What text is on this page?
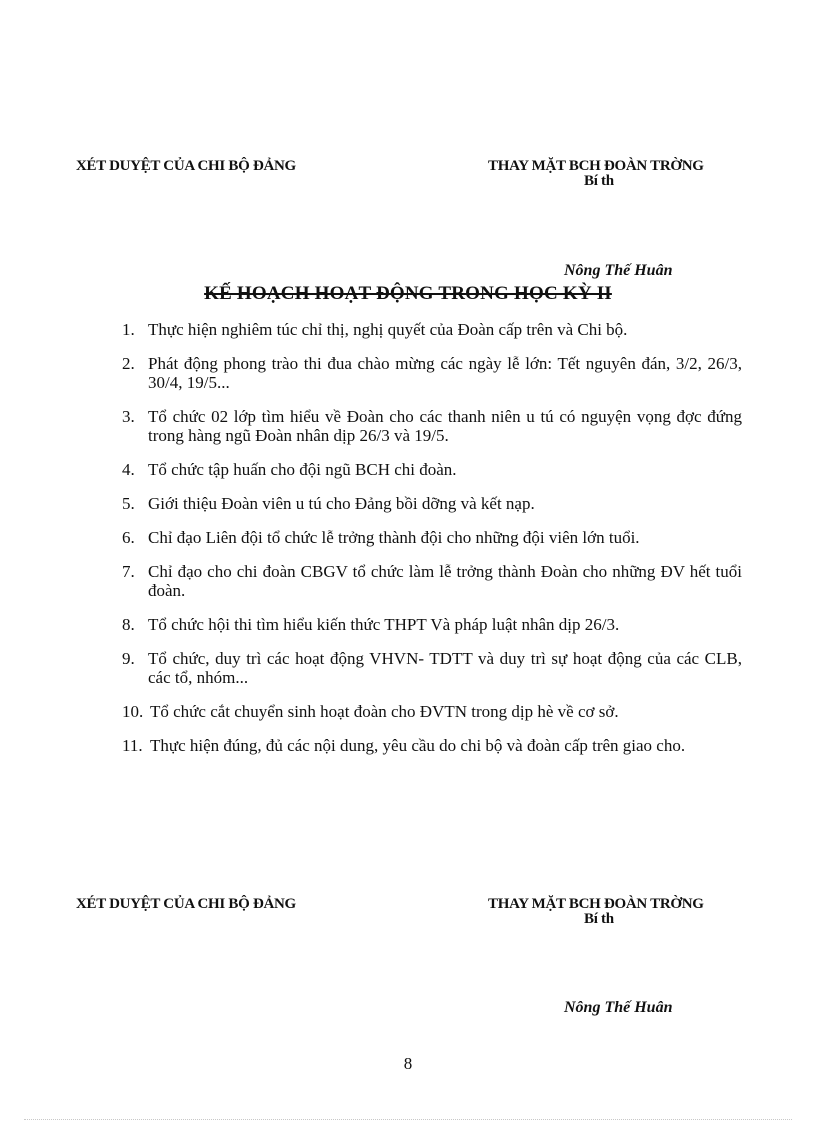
XÉT DUYỆT CỦA CHI BỘ ĐẢNG	THAY MẶT BCH ĐOÀN TRỜNG
Bí th
Nông Thế Huân
KẾ HOẠCH HOẠT ĐỘNG TRONG HỌC KỲ II
1. Thực hiện nghiêm túc chỉ thị, nghị quyết của Đoàn cấp trên và Chi bộ.
2. Phát động phong trào thi đua chào mừng các ngày lễ lớn: Tết nguyên đán, 3/2, 26/3, 30/4, 19/5...
3. Tổ chức 02 lớp tìm hiểu về Đoàn cho các thanh niên u tú có nguyện vọng đợc đứng trong hàng ngũ Đoàn nhân dịp 26/3 và 19/5.
4. Tổ chức tập huấn cho đội ngũ BCH chi đoàn.
5. Giới thiệu Đoàn viên u tú cho Đảng bồi dỡng và kết nạp.
6. Chỉ đạo Liên đội tổ chức lễ trởng thành đội cho những đội viên lớn tuổi.
7. Chỉ đạo cho chi đoàn CBGV tổ chức làm lễ trởng thành Đoàn cho những ĐV hết tuổi đoàn.
8. Tổ chức hội thi tìm hiểu kiến thức THPT Và pháp luật nhân dịp 26/3.
9. Tổ chức, duy trì các hoạt động VHVN- TDTT và duy trì sự hoạt động của các CLB, các tổ, nhóm...
10. Tổ chức cắt chuyển sinh hoạt đoàn cho ĐVTN trong dịp hè về cơ sở.
11. Thực hiện đúng, đủ các nội dung, yêu cầu do chi bộ và đoàn cấp trên giao cho.
XÉT DUYỆT CỦA CHI BỘ ĐẢNG	THAY MẶT BCH ĐOÀN TRỜNG
Bí th
Nông Thế Huân
8
